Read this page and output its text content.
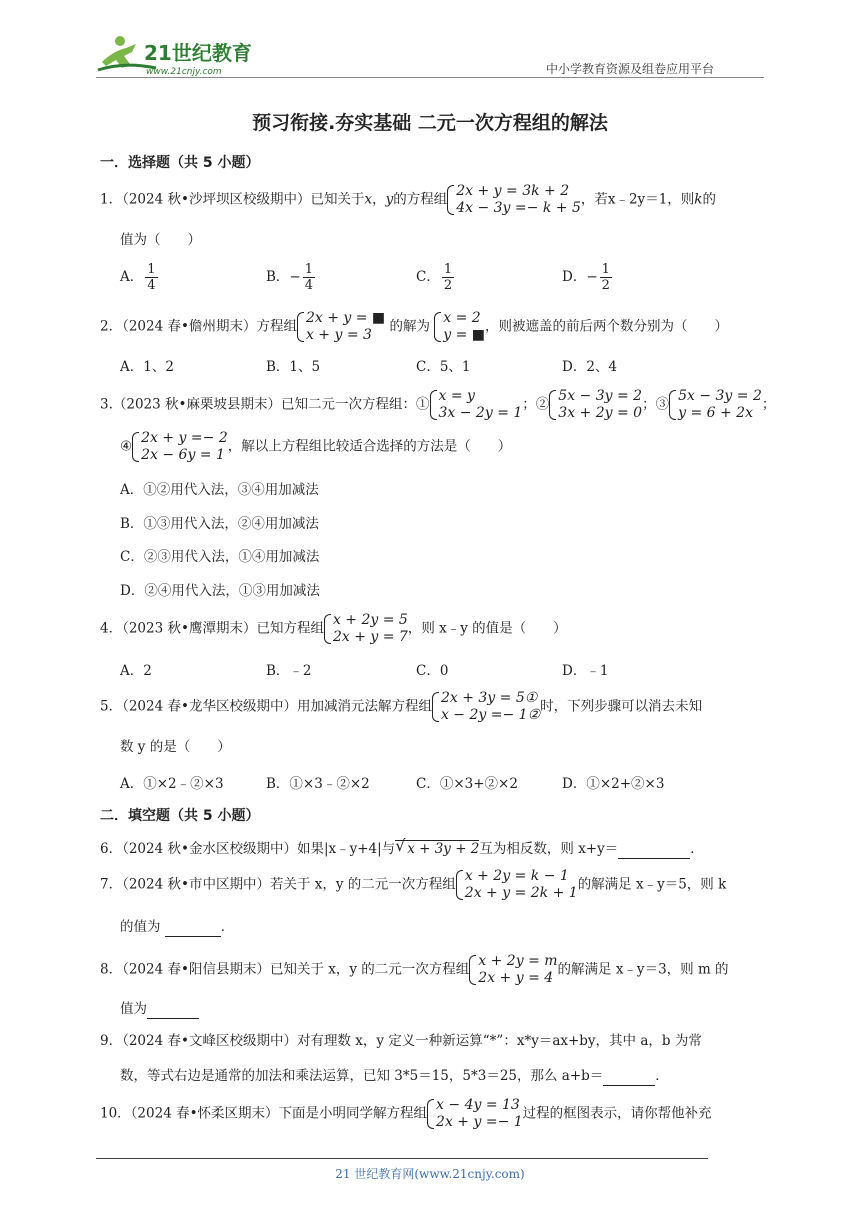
21世纪教育
www.21cnjy.com	中小学教育资源及组卷应用平台
预习衔接.夯实基础 二元一次方程组的解法
一．选择题（共 5 小题）
1．（2024 秋•沙坪坝区校级期中）已知关于x，y的方程组2x + y = 3k + 2
4x − 3y =− k + 5，若x﹣2y＝1，则k的
值为（　　）
A． $\frac{1}{4}$	B．− $\frac{1}{4}$	C． $\frac{1}{2}$	D．− $\frac{1}{2}$
2．（2024 春•儋州期末）方程组2x + y = ■
x + y = 3 的解为 x = 2
y = ■，则被遮盖的前后两个数分别为（　　）
A．1、2	B．1、5	C．5、1	D．2、4
3.（2023 秋•麻栗坡县期末）已知二元一次方程组：①x = y
3x − 2y = 1；②5x − 3y = 2
3x + 2y = 0；③5x − 3y = 2
y = 6 + 2x；
④2x + y =− 2
2x − 6y = 1，解以上方程组比较适合选择的方法是（　　）
A．①②用代入法，③④用加减法
B．①③用代入法，②④用加减法
C．②③用代入法，①④用加减法
D．②④用代入法，①③用加减法
4．（2023 秋•鹰潭期末）已知方程组x + 2y = 5
2x + y = 7，则 x﹣y 的值是（　　）
A．2	B．﹣2	C．0	D．﹣1
5．（2024 春•龙华区校级期中）用加减消元法解方程组2x + 3y = 5①
x − 2y =− 1②时，下列步骤可以消去未知
数 y 的是（　　）
A．①×2﹣②×3	B．①×3﹣②×2	C．①×3+②×2	D．①×2+②×3
二．填空题（共 5 小题）
6．（2024 秋•金水区校级期中）如果|x﹣y+4|与√ x + 3y + 2互为相反数，则 x+y＝	．
7．（2024 秋•市中区期中）若关于 x，y 的二元一次方程组x + 2y = k − 1
2x + y = 2k + 1的解满足 x﹣y＝5，则 k
的值为	．
8．（2024 春•阳信县期末）已知关于 x，y 的二元一次方程组x + 2y = m
2x + y = 4的解满足 x﹣y＝3，则 m 的
值为
9．（2024 春•文峰区校级期中）对有理数 x，y 定义一种新运算“*”：x*y＝ax+by，其中 a，b 为常
数，等式右边是通常的加法和乘法运算，已知 3*5＝15，5*3＝25，那么 a+b＝	．
10．（2024 春•怀柔区期末）下面是小明同学解方程组x − 4y = 13
2x + y =− 1过程的框图表示，请你帮他补充
21 世纪教育网(www.21cnjy.com)
